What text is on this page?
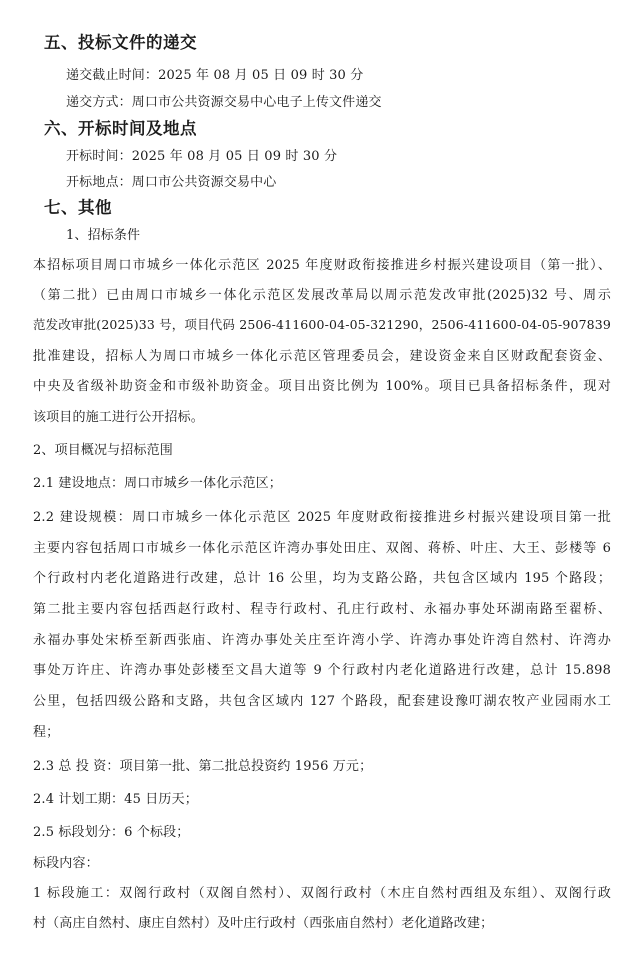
五、投标文件的递交
递交截止时间：2025 年 08 月 05 日 09 时 30 分
递交方式：周口市公共资源交易中心电子上传文件递交
六、开标时间及地点
开标时间：2025 年 08 月 05 日 09 时 30 分
开标地点：周口市公共资源交易中心
七、其他
1、招标条件
本招标项目周口市城乡一体化示范区 2025 年度财政衔接推进乡村振兴建设项目（第一批）、
（第二批）已由周口市城乡一体化示范区发展改革局以周示范发改审批(2025)32 号、周示
范发改审批(2025)33 号，项目代码 2506-411600-04-05-321290，2506-411600-04-05-907839
批准建设，招标人为周口市城乡一体化示范区管理委员会，建设资金来自区财政配套资金、
中央及省级补助资金和市级补助资金。项目出资比例为 100%。项目已具备招标条件，现对
该项目的施工进行公开招标。
2、项目概况与招标范围
2.1 建设地点：周口市城乡一体化示范区；
2.2 建设规模：周口市城乡一体化示范区 2025 年度财政衔接推进乡村振兴建设项目第一批
主要内容包括周口市城乡一体化示范区许湾办事处田庄、双阁、蒋桥、叶庄、大王、彭楼等 6
个行政村内老化道路进行改建，总计 16 公里，均为支路公路，共包含区域内 195 个路段；
第二批主要内容包括西赵行政村、程寺行政村、孔庄行政村、永福办事处环湖南路至翟桥、
永福办事处宋桥至新西张庙、许湾办事处关庄至许湾小学、许湾办事处许湾自然村、许湾办
事处万许庄、许湾办事处彭楼至文昌大道等 9 个行政村内老化道路进行改建，总计 15.898
公里，包括四级公路和支路，共包含区域内 127 个路段，配套建设豫叮湖农牧产业园雨水工
程；
2.3 总 投 资：项目第一批、第二批总投资约 1956 万元；
2.4 计划工期：45 日历天；
2.5 标段划分：6 个标段；
标段内容：
1 标段施工：双阁行政村（双阁自然村）、双阁行政村（木庄自然村西组及东组）、双阁行政
村（高庄自然村、康庄自然村）及叶庄行政村（西张庙自然村）老化道路改建；
